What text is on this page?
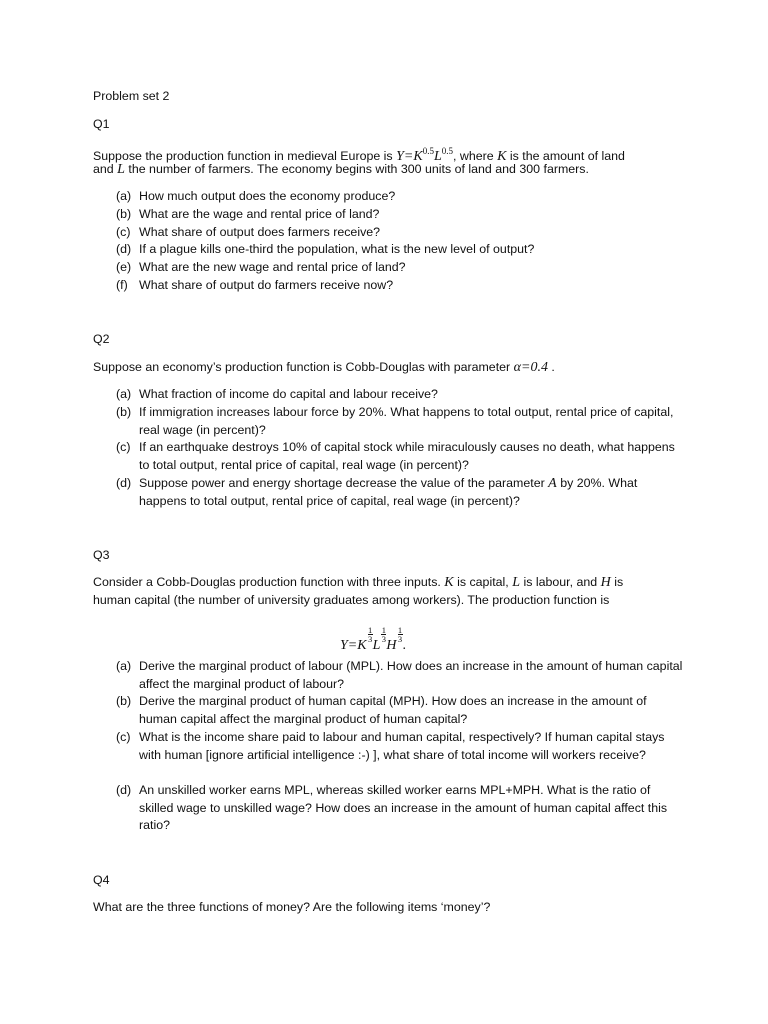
Problem set 2
Q1
Suppose the production function in medieval Europe is $Y=K^{0.5}L^{0.5}$, where K is the amount of land
and L the number of farmers. The economy begins with 300 units of land and 300 farmers.
(a) How much output does the economy produce?
(b) What are the wage and rental price of land?
(c) What share of output does farmers receive?
(d) If a plague kills one-third the population, what is the new level of output?
(e) What are the new wage and rental price of land?
(f) What share of output do farmers receive now?
Q2
Suppose an economy’s production function is Cobb-Douglas with parameter α=0.4 .
(a) What fraction of income do capital and labour receive?
(b) If immigration increases labour force by 20%. What happens to total output, rental price of capital, real wage (in percent)?
(c) If an earthquake destroys 10% of capital stock while miraculously causes no death, what happens to total output, rental price of capital, real wage (in percent)?
(d) Suppose power and energy shortage decrease the value of the parameter A by 20%. What happens to total output, rental price of capital, real wage (in percent)?
Q3
Consider a Cobb-Douglas production function with three inputs. K is capital, L is labour, and H is
human capital (the number of university graduates among workers). The production function is
Y=K
$\frac{1}{3}$
L
$\frac{1}{3}$
H
$\frac{1}{3}$
.
(a) Derive the marginal product of labour (MPL). How does an increase in the amount of human capital affect the marginal product of labour?
(b) Derive the marginal product of human capital (MPH). How does an increase in the amount of human capital affect the marginal product of human capital?
(c) What is the income share paid to labour and human capital, respectively? If human capital stays with human [ignore artificial intelligence :-) ], what share of total income will workers receive?
(d) An unskilled worker earns MPL, whereas skilled worker earns MPL+MPH. What is the ratio of skilled wage to unskilled wage? How does an increase in the amount of human capital affect this ratio?
Q4
What are the three functions of money? Are the following items ‘money’?
